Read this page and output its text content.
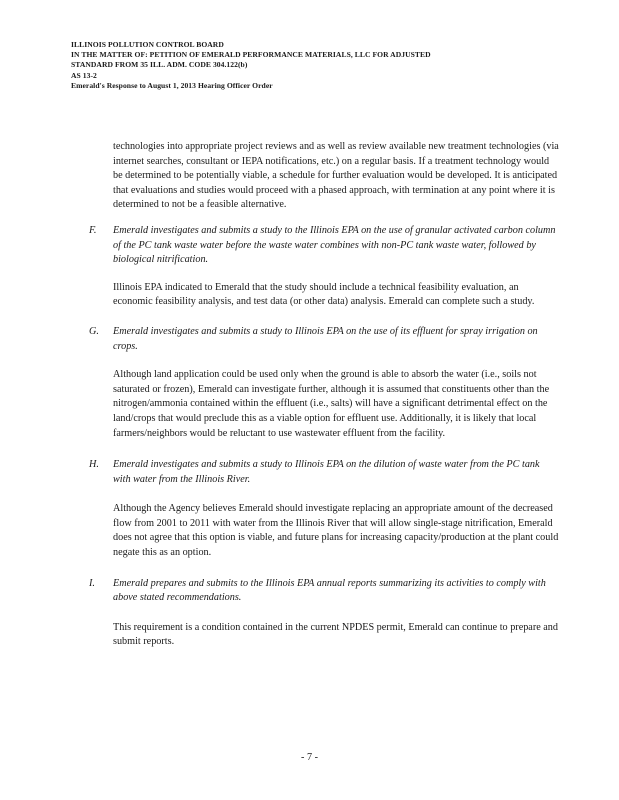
ILLINOIS POLLUTION CONTROL BOARD
IN THE MATTER OF: PETITION OF EMERALD PERFORMANCE MATERIALS, LLC FOR ADJUSTED
STANDARD FROM 35 ILL. ADM. CODE 304.122(b)
AS 13-2
Emerald's Response to August 1, 2013 Hearing Officer Order

technologies into appropriate project reviews and as well as review available new treatment technologies (via internet searches, consultant or IEPA notifications, etc.) on a regular basis. If a treatment technology would be determined to be potentially viable, a schedule for further evaluation would be developed. It is anticipated that evaluations and studies would proceed with a phased approach, with termination at any point where it is determined to not be a feasible alternative.

F. Emerald investigates and submits a study to the Illinois EPA on the use of granular activated carbon column of the PC tank waste water before the waste water combines with non-PC tank waste water, followed by biological nitrification.

Illinois EPA indicated to Emerald that the study should include a technical feasibility evaluation, an economic feasibility analysis, and test data (or other data) analysis. Emerald can complete such a study.

G. Emerald investigates and submits a study to Illinois EPA on the use of its effluent for spray irrigation on crops.

Although land application could be used only when the ground is able to absorb the water (i.e., soils not saturated or frozen), Emerald can investigate further, although it is assumed that constituents other than the nitrogen/ammonia contained within the effluent (i.e., salts) will have a significant detrimental effect on the land/crops that would preclude this as a viable option for effluent use. Additionally, it is likely that local farmers/neighbors would be reluctant to use wastewater effluent from the facility.

H. Emerald investigates and submits a study to Illinois EPA on the dilution of waste water from the PC tank with water from the Illinois River.

Although the Agency believes Emerald should investigate replacing an appropriate amount of the decreased flow from 2001 to 2011 with water from the Illinois River that will allow single-stage nitrification, Emerald does not agree that this option is viable, and future plans for increasing capacity/production at the plant could negate this as an option.

I. Emerald prepares and submits to the Illinois EPA annual reports summarizing its activities to comply with above stated recommendations.

This requirement is a condition contained in the current NPDES permit, Emerald can continue to prepare and submit reports.

- 7 -
